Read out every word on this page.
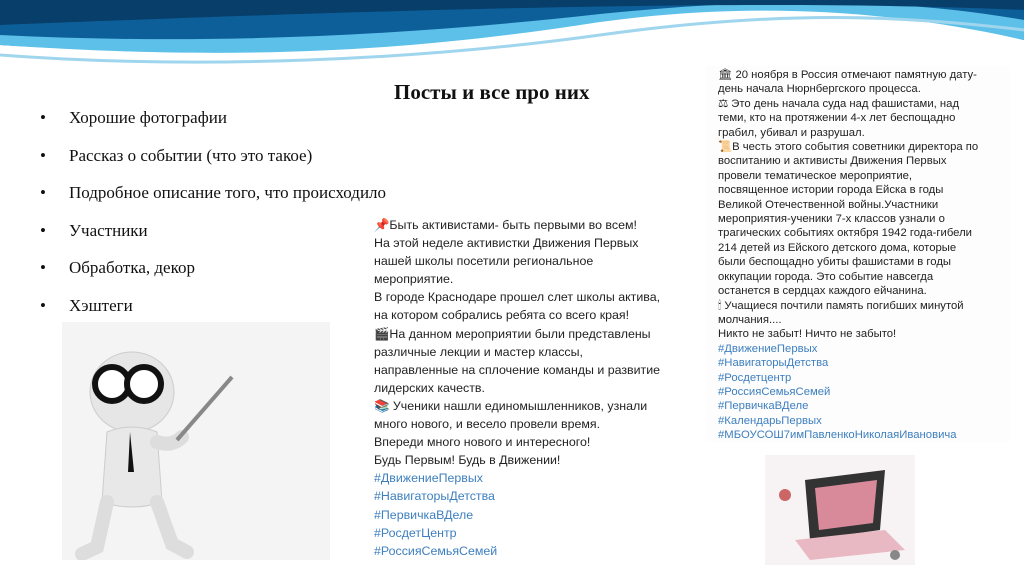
Посты и все про них
•	Хорошие фотографии
•	Рассказ о событии (что это такое)
•	Подробное описание того, что происходило
•	Участники
•	Обработка, декор
•	Хэштеги
📌Быть активистами- быть первыми во всем!
На этой неделе активистки Движения Первых
нашей школы посетили региональное
мероприятие.
В городе Краснодаре прошел слет школы актива,
на котором собрались ребята со всего края!
🎬На данном мероприятии были представлены
различные лекции и мастер классы,
направленные на сплочение команды и развитие
лидерских качеств.
📚 Ученики нашли единомышленников, узнали
много нового, и весело провели время.
Впереди много нового и интересного!
Будь Первым! Будь в Движении!
#ДвижениеПервых
#НавигаторыДетства
#ПервичкаВДеле
#РосдетЦентр
#РоссияСемьяСемей
🏛 20 ноября в Россия отмечают памятную дату-
день начала Нюрнбергского процесса.
⚖ Это день начала суда над фашистами, над
теми, кто на протяжении 4-х лет беспощадно
грабил, убивал и разрушал.
📜В честь этого события советники директора по
воспитанию и активисты Движения Первых
провели тематическое мероприятие,
посвященное истории города Ейска в годы
Великой Отечественной войны.Участники
мероприятия-ученики 7-х классов узнали о
трагических событиях октября 1942 года-гибели
214 детей из Ейского детского дома, которые
были беспощадно убиты фашистами в годы
оккупации города. Это событие навсегда
останется в сердцах каждого ейчанина.
🕯 Учащиеся почтили память погибших минутой
молчания....
Никто не забыт! Ничто не забыто!
#ДвижениеПервых
#НавигаторыДетства
#Росдетцентр
#РоссияСемьяСемей
#ПервичкаВДеле
#КалендарьПервых
#МБОУСОШ7имПавленкоНиколаяИвановича
